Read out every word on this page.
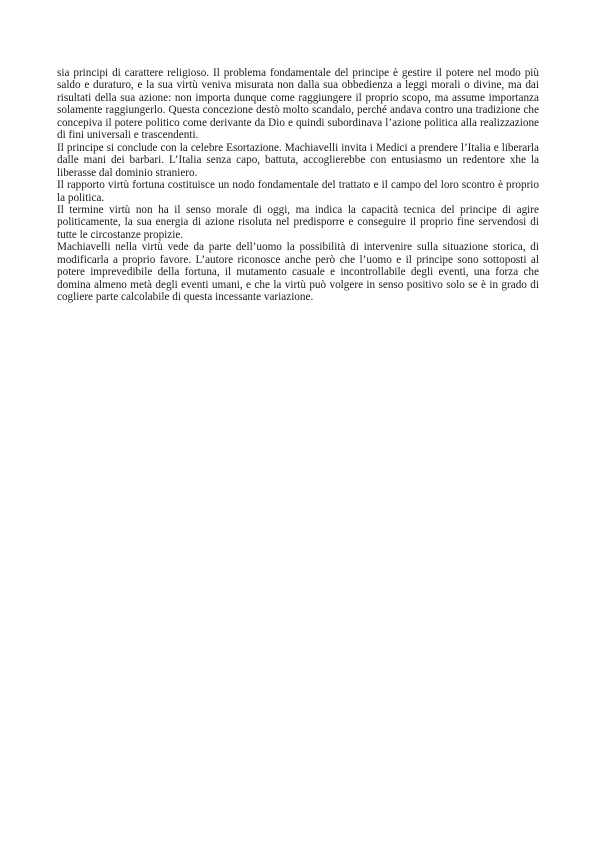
sia principi di carattere religioso. Il problema fondamentale del principe è gestire il potere nel modo più saldo e duraturo, e la sua virtù veniva misurata non dalla sua obbedienza a leggi morali o divine, ma dai risultati della sua azione: non importa dunque come raggiungere il proprio scopo, ma assume importanza solamente raggiungerlo. Questa concezione destò molto scandalo, perché andava contro una tradizione che concepiva il potere politico come derivante da Dio e quindi subordinava l’azione politica alla realizzazione di fini universali e trascendenti.

Il principe si conclude con la celebre Esortazione. Machiavelli invita i Medici a prendere l’Italia e liberarla dalle mani dei barbari. L’Italia senza capo, battuta, accoglierebbe con entusiasmo un redentore xhe la liberasse dal dominio straniero.

Il rapporto virtù fortuna costituisce un nodo fondamentale del trattato e il campo del loro scontro è proprio la politica.

Il termine virtù non ha il senso morale di oggi, ma indica la capacità tecnica del principe di agire politicamente, la sua energia di azione risoluta nel predisporre e conseguire il proprio fine servendosi di tutte le circostanze propizie.

Machiavelli nella virtù vede da parte dell’uomo la possibilità di intervenire sulla situazione storica, di modificarla a proprio favore. L’autore riconosce anche però che l’uomo e il principe sono sottoposti al potere imprevedibile della fortuna, il mutamento casuale e incontrollabile degli eventi, una forza che domina almeno metà degli eventi umani, e che la virtù può volgere in senso positivo solo se è in grado di cogliere parte calcolabile di questa incessante variazione.
